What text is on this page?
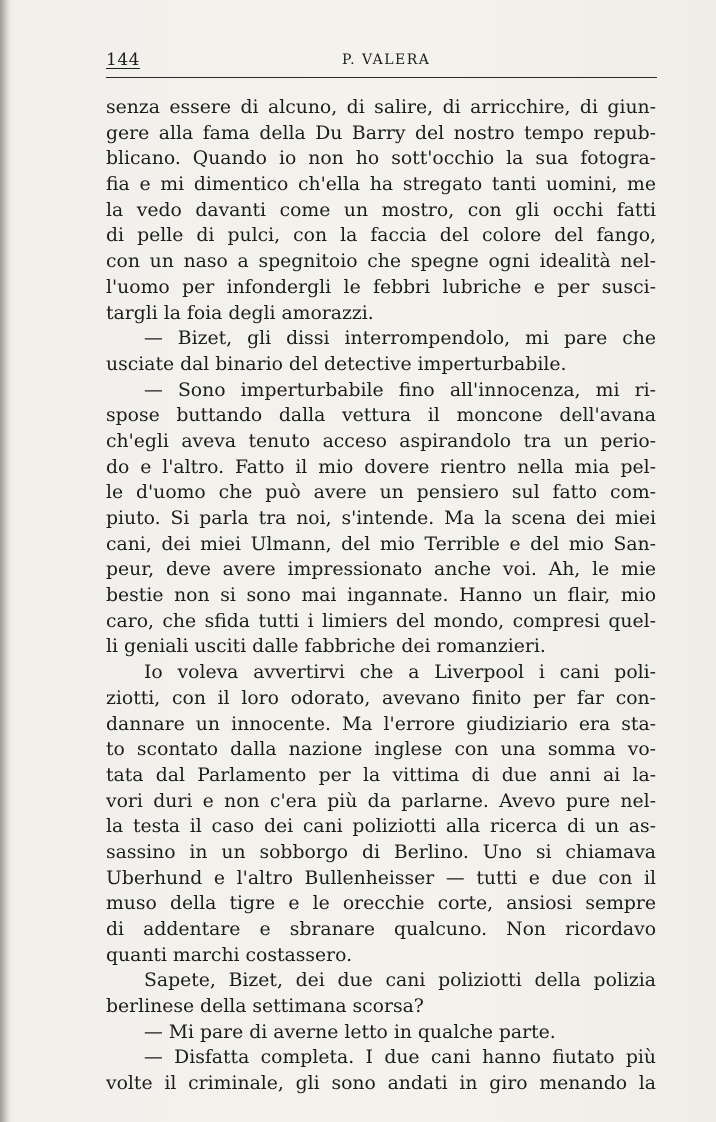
144	P. VALERA
senza essere di alcuno, di salire, di arricchire, di giun-
gere alla fama della Du Barry del nostro tempo repub-
blicano. Quando io non ho sott'occhio la sua fotogra-
fia e mi dimentico ch'ella ha stregato tanti uomini, me
la vedo davanti come un mostro, con gli occhi fatti
di pelle di pulci, con la faccia del colore del fango,
con un naso a spegnitoio che spegne ogni idealità nel-
l'uomo per infondergli le febbri lubriche e per susci-
targli la foia degli amorazzi.
— Bizet, gli dissi interrompendolo, mi pare che
usciate dal binario del detective imperturbabile.
— Sono imperturbabile fino all'innocenza, mi ri-
spose buttando dalla vettura il moncone dell'avana
ch'egli aveva tenuto acceso aspirandolo tra un perio-
do e l'altro. Fatto il mio dovere rientro nella mia pel-
le d'uomo che può avere un pensiero sul fatto com-
piuto. Si parla tra noi, s'intende. Ma la scena dei miei
cani, dei miei Ulmann, del mio Terrible e del mio San-
peur, deve avere impressionato anche voi. Ah, le mie
bestie non si sono mai ingannate. Hanno un flair, mio
caro, che sfida tutti i limiers del mondo, compresi quel-
li geniali usciti dalle fabbriche dei romanzieri.
Io voleva avvertirvi che a Liverpool i cani poli-
ziotti, con il loro odorato, avevano finito per far con-
dannare un innocente. Ma l'errore giudiziario era sta-
to scontato dalla nazione inglese con una somma vo-
tata dal Parlamento per la vittima di due anni ai la-
vori duri e non c'era più da parlarne. Avevo pure nel-
la testa il caso dei cani poliziotti alla ricerca di un as-
sassino in un sobborgo di Berlino. Uno si chiamava
Uberhund e l'altro Bullenheisser — tutti e due con il
muso della tigre e le orecchie corte, ansiosi sempre
di addentare e sbranare qualcuno. Non ricordavo
quanti marchi costassero.
Sapete, Bizet, dei due cani poliziotti della polizia
berlinese della settimana scorsa?
— Mi pare di averne letto in qualche parte.
— Disfatta completa. I due cani hanno fiutato più
volte il criminale, gli sono andati in giro menando la
